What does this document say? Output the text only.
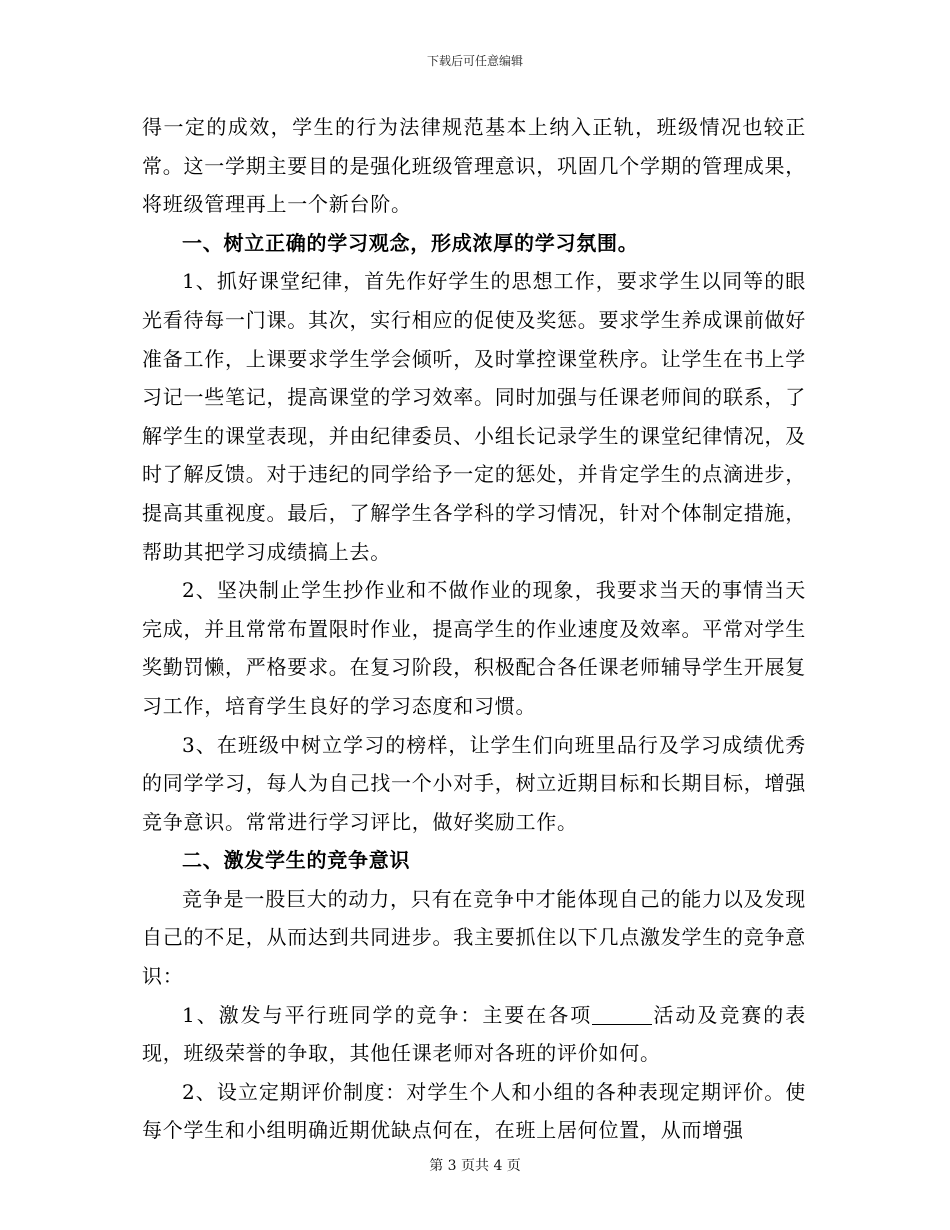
下载后可任意编辑

得一定的成效，学生的行为法律规范基本上纳入正轨，班级情况也较正常。这一学期主要目的是强化班级管理意识，巩固几个学期的管理成果，将班级管理再上一个新台阶。

一、树立正确的学习观念，形成浓厚的学习氛围。

1、抓好课堂纪律，首先作好学生的思想工作，要求学生以同等的眼光看待每一门课。其次，实行相应的促使及奖惩。要求学生养成课前做好准备工作，上课要求学生学会倾听，及时掌控课堂秩序。让学生在书上学习记一些笔记，提高课堂的学习效率。同时加强与任课老师间的联系，了解学生的课堂表现，并由纪律委员、小组长记录学生的课堂纪律情况，及时了解反馈。对于违纪的同学给予一定的惩处，并肯定学生的点滴进步，提高其重视度。最后，了解学生各学科的学习情况，针对个体制定措施，帮助其把学习成绩搞上去。

2、坚决制止学生抄作业和不做作业的现象，我要求当天的事情当天完成，并且常常布置限时作业，提高学生的作业速度及效率。平常对学生奖勤罚懒，严格要求。在复习阶段，积极配合各任课老师辅导学生开展复习工作，培育学生良好的学习态度和习惯。

3、在班级中树立学习的榜样，让学生们向班里品行及学习成绩优秀的同学学习，每人为自己找一个小对手，树立近期目标和长期目标，增强竞争意识。常常进行学习评比，做好奖励工作。

二、激发学生的竞争意识

竞争是一股巨大的动力，只有在竞争中才能体现自己的能力以及发现自己的不足，从而达到共同进步。我主要抓住以下几点激发学生的竞争意识：

1、激发与平行班同学的竞争：主要在各项	活动及竞赛的表现，班级荣誉的争取，其他任课老师对各班的评价如何。

2、设立定期评价制度：对学生个人和小组的各种表现定期评价。使每个学生和小组明确近期优缺点何在，在班上居何位置，从而增强

第 3 页共 4 页
